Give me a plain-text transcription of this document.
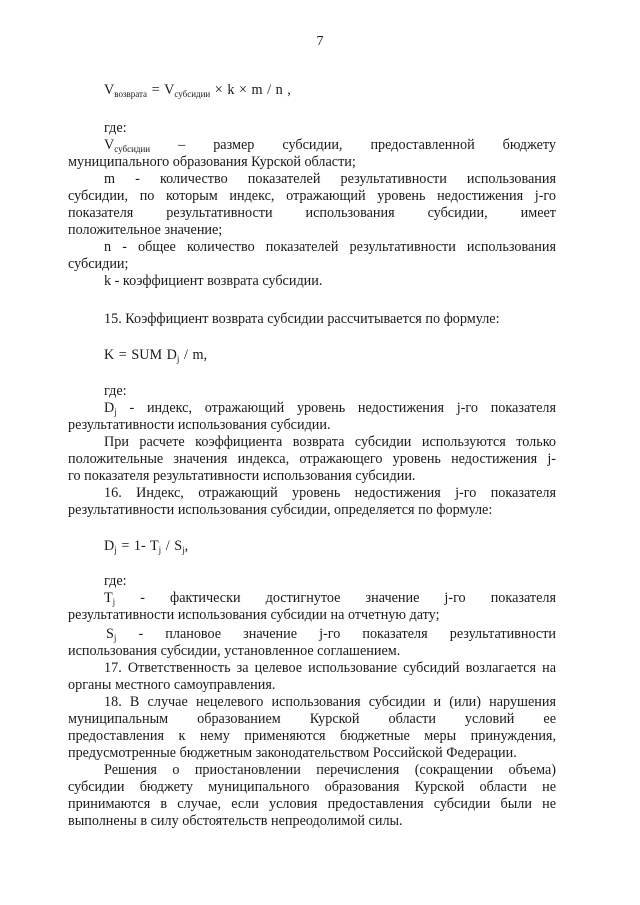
7
$V_{возврата} = V_{субсидии} \times k \times m / n$ ,
где:
$V_{субсидии}$ – размер субсидии, предоставленной бюджету
муниципального образования Курской области;
m - количество показателей результативности использования
субсидии, по которым индекс, отражающий уровень недостижения j-го
показателя результативности использования субсидии, имеет
положительное значение;
n - общее количество показателей результативности использования
субсидии;
k - коэффициент возврата субсидии.
15. Коэффициент возврата субсидии рассчитывается по формуле:
K = SUM $D_j$ / m,
где:
$D_j$ - индекс, отражающий уровень недостижения j-го показателя
результативности использования субсидии.
При расчете коэффициента возврата субсидии используются только
положительные значения индекса, отражающего уровень недостижения j-
го показателя результативности использования субсидии.
16. Индекс, отражающий уровень недостижения j-го показателя
результативности использования субсидии, определяется по формуле:
$D_j = 1-$ $T_j / S_j$,
где:
$T_j$ - фактически достигнутое значение j-го показателя
результативности использования субсидии на отчетную дату;
$S_j$ - плановое значение j-го показателя результативности
использования субсидии, установленное соглашением.
17. Ответственность за целевое использование субсидий возлагается на
органы местного самоуправления.
18. В случае нецелевого использования субсидии и (или) нарушения
муниципальным образованием Курской области условий ее
предоставления к нему применяются бюджетные меры принуждения,
предусмотренные бюджетным законодательством Российской Федерации.
Решения о приостановлении перечисления (сокращении объема)
субсидии бюджету муниципального образования Курской области не
принимаются в случае, если условия предоставления субсидии были не
выполнены в силу обстоятельств непреодолимой силы.
